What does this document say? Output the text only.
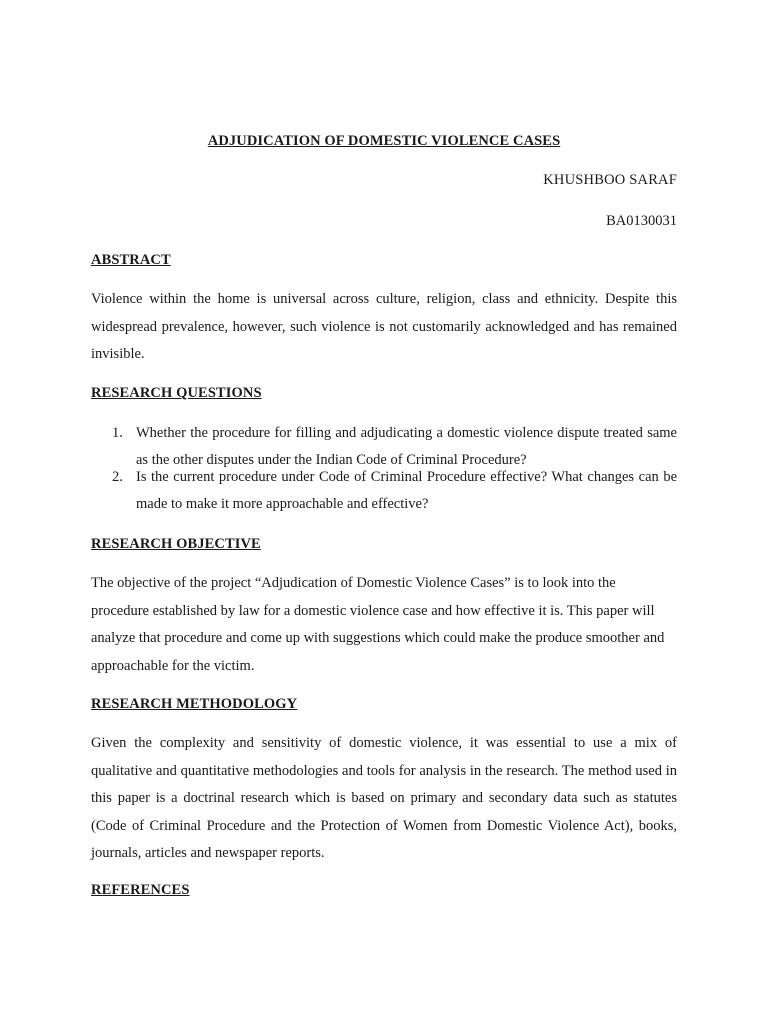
ADJUDICATION OF DOMESTIC VIOLENCE CASES
KHUSHBOO SARAF
BA0130031
ABSTRACT
Violence within the home is universal across culture, religion, class and ethnicity. Despite this widespread prevalence, however, such violence is not customarily acknowledged and has remained invisible.
RESEARCH QUESTIONS
1. Whether the procedure for filling and adjudicating a domestic violence dispute treated same as the other disputes under the Indian Code of Criminal Procedure?
2. Is the current procedure under Code of Criminal Procedure effective? What changes can be made to make it more approachable and effective?
RESEARCH OBJECTIVE
The objective of the project “Adjudication of Domestic Violence Cases” is to look into the procedure established by law for a domestic violence case and how effective it is. This paper will analyze that procedure and come up with suggestions which could make the produce smoother and approachable for the victim.
RESEARCH METHODOLOGY
Given the complexity and sensitivity of domestic violence, it was essential to use a mix of qualitative and quantitative methodologies and tools for analysis in the research. The method used in this paper is a doctrinal research which is based on primary and secondary data such as statutes (Code of Criminal Procedure and the Protection of Women from Domestic Violence Act), books, journals, articles and newspaper reports.
REFERENCES
